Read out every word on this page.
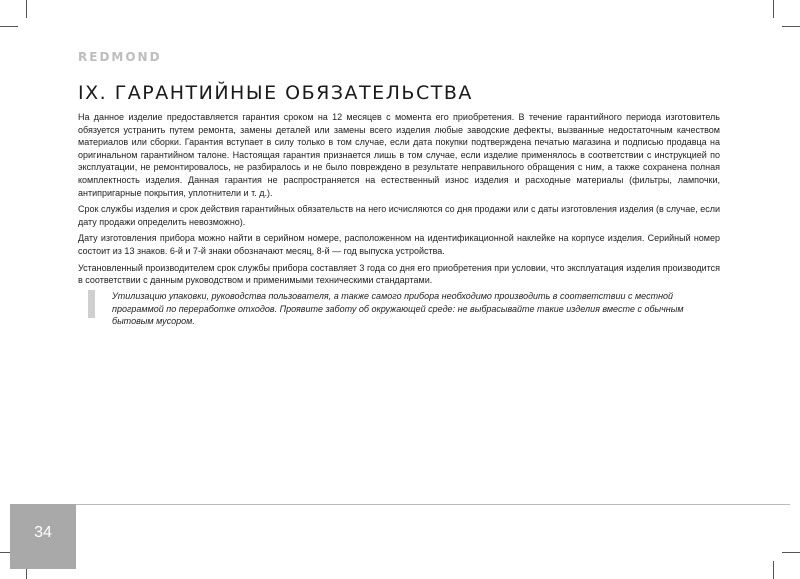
REDMOND
IX. ГАРАНТИЙНЫЕ ОБЯЗАТЕЛЬСТВА

На данное изделие предоставляется гарантия сроком на 12 месяцев с момента его приобретения. В течение гарантийного периода изготовитель обязуется устранить путем ремонта, замены деталей или замены всего изделия любые заводские дефекты, вызванные недостаточным качеством материалов или сборки. Гарантия вступает в силу только в том случае, если дата покупки подтверждена печатью магазина и подписью продавца на оригинальном гарантийном талоне. Настоящая гарантия признается лишь в том случае, если изделие применялось в соответствии с инструкцией по эксплуатации, не ремонтировалось, не разбиралось и не было повреждено в результате неправильного обращения с ним, а также сохранена полная комплектность изделия. Данная гарантия не распространяется на естественный износ изделия и расходные материалы (фильтры, лампочки, антипригарные покрытия, уплотнители и т. д.).

Срок службы изделия и срок действия гарантийных обязательств на него исчисляются со дня продажи или с даты изготовления изделия (в случае, если дату продажи определить невозможно).

Дату изготовления прибора можно найти в серийном номере, расположенном на идентификационной наклейке на корпусе изделия. Серийный номер состоит из 13 знаков. 6-й и 7-й знаки обозначают месяц, 8-й — год выпуска устройства.

Установленный производителем срок службы прибора составляет 3 года со дня его приобретения при условии, что эксплуатация изделия производится в соответствии с данным руководством и применимыми техническими стандартами.

Утилизацию упаковки, руководства пользователя, а также самого прибора необходимо производить в соответствии с местной программой по переработке отходов. Проявите заботу об окружающей среде: не выбрасывайте такие изделия вместе с обычным бытовым мусором.
34
